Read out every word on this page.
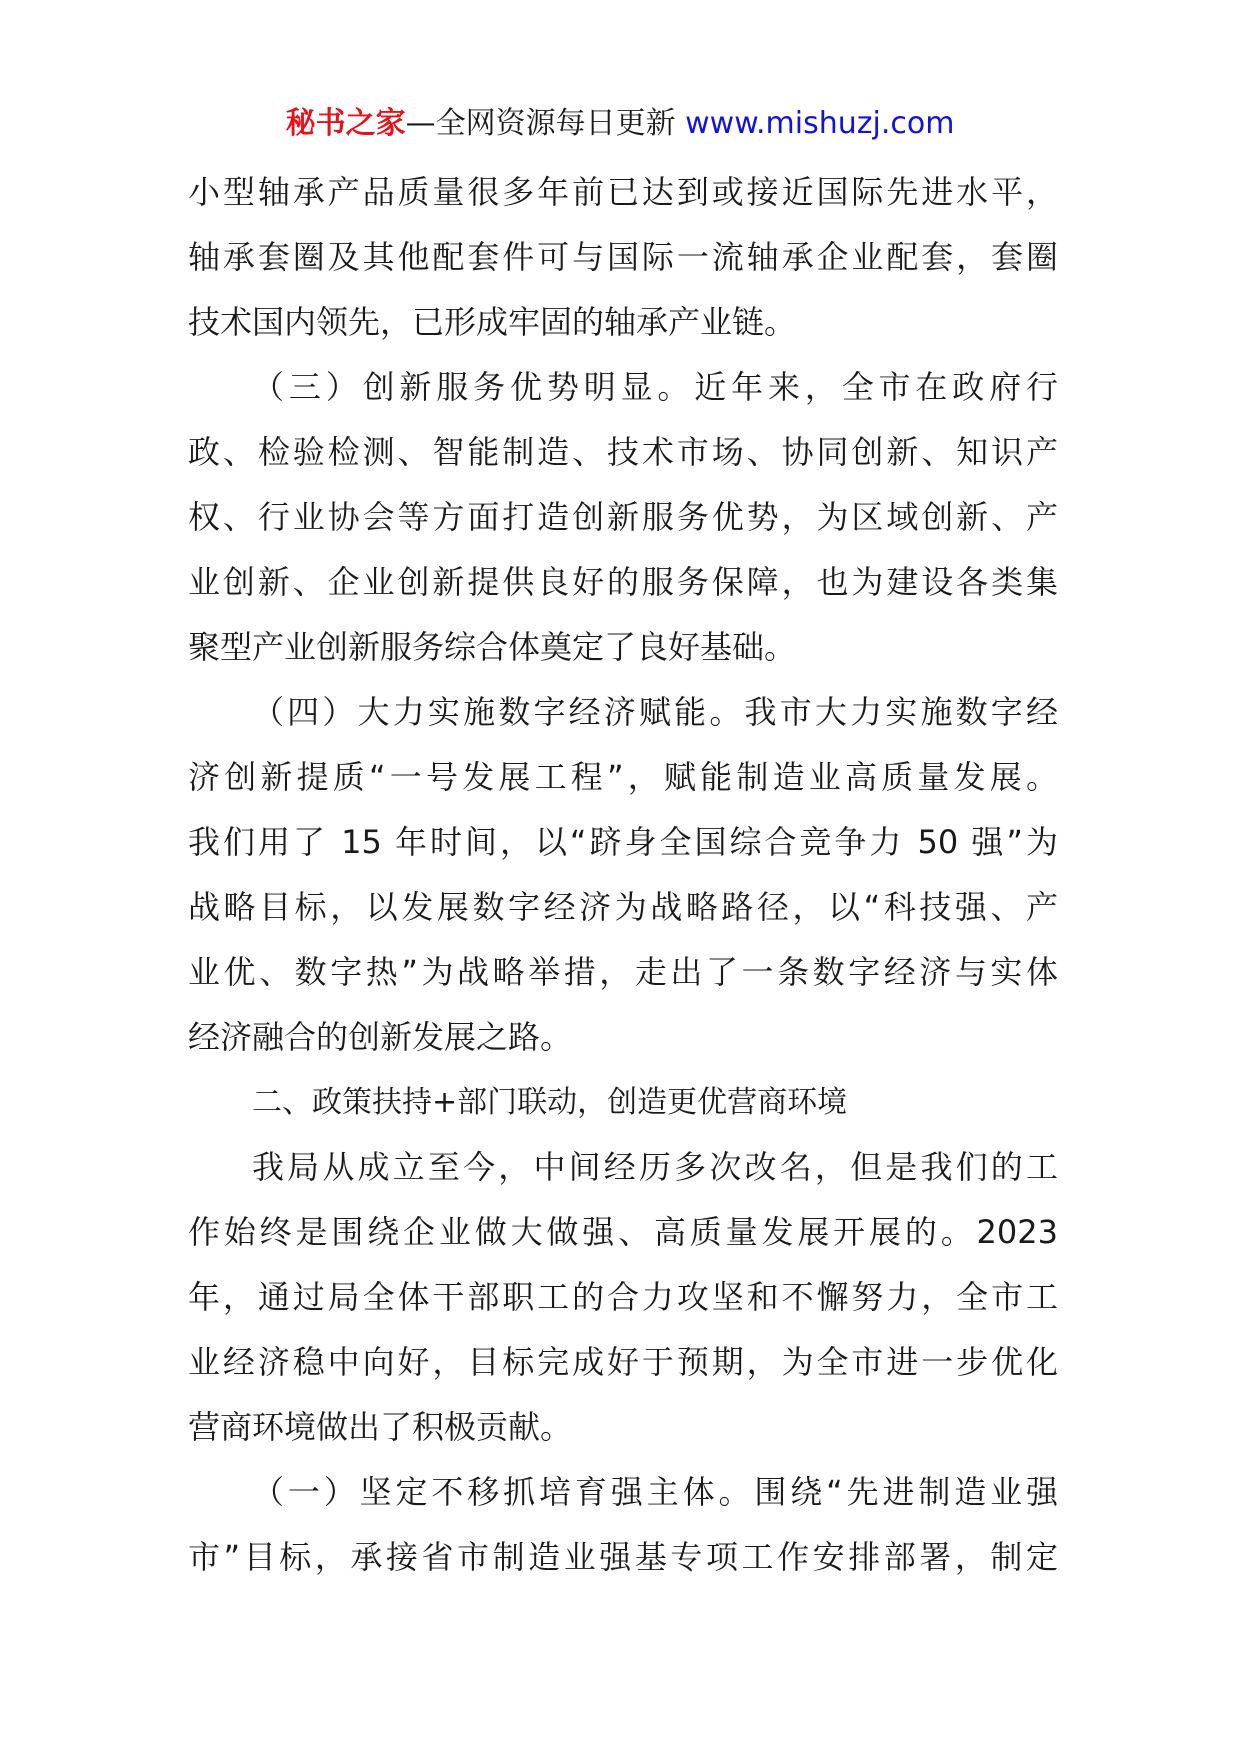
秘书之家—全网资源每日更新 www.mishuzj.com
小型轴承产品质量很多年前已达到或接近国际先进水平，
轴承套圈及其他配套件可与国际一流轴承企业配套，套圈
技术国内领先，已形成牢固的轴承产业链。
（三）创新服务优势明显。近年来，全市在政府行
政、检验检测、智能制造、技术市场、协同创新、知识产
权、行业协会等方面打造创新服务优势，为区域创新、产
业创新、企业创新提供良好的服务保障，也为建设各类集
聚型产业创新服务综合体奠定了良好基础。
（四）大力实施数字经济赋能。我市大力实施数字经
济创新提质“一号发展工程”，赋能制造业高质量发展。
我们用了 15 年时间，以“跻身全国综合竞争力 50 强”为
战略目标，以发展数字经济为战略路径，以“科技强、产
业优、数字热”为战略举措，走出了一条数字经济与实体
经济融合的创新发展之路。
二、政策扶持+部门联动，创造更优营商环境
我局从成立至今，中间经历多次改名，但是我们的工
作始终是围绕企业做大做强、高质量发展开展的。2023
年，通过局全体干部职工的合力攻坚和不懈努力，全市工
业经济稳中向好，目标完成好于预期，为全市进一步优化
营商环境做出了积极贡献。
（一）坚定不移抓培育强主体。围绕“先进制造业强
市”目标，承接省市制造业强基专项工作安排部署，制定
